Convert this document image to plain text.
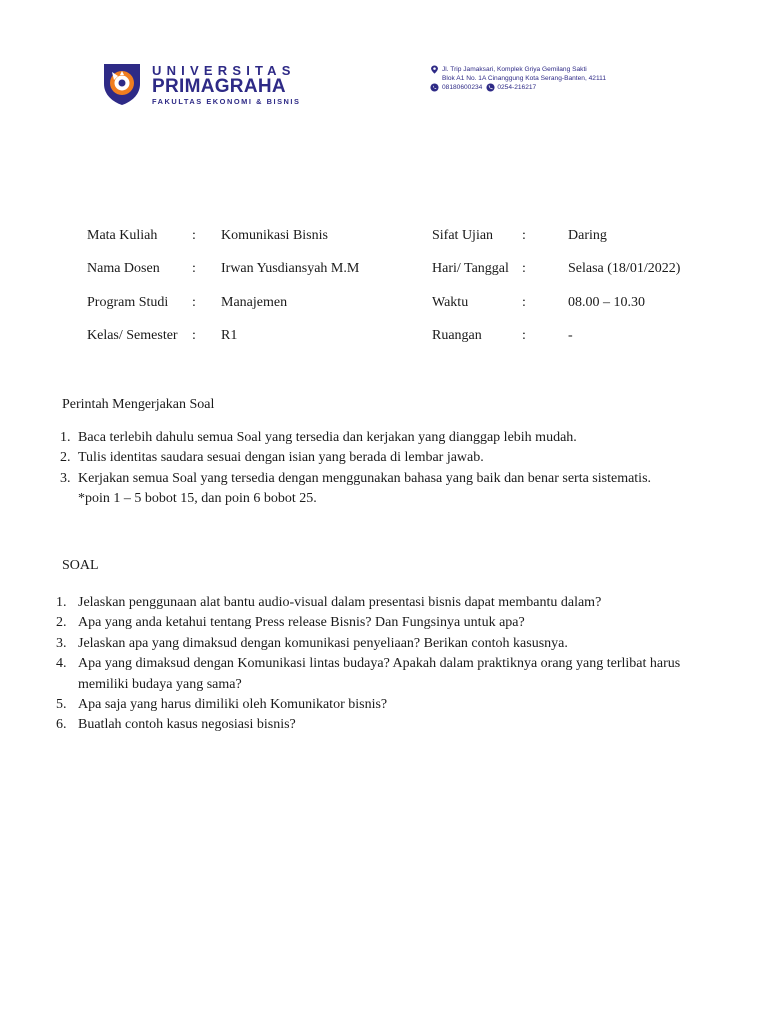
UNIVERSITAS
PRIMAGRAHA
FAKULTAS EKONOMI & BISNIS
Jl. Trip Jamaksari, Komplek Griya Gemilang Sakti
Blok A1 No. 1A Cinanggung Kota Serang-Banten, 42111
08180600234 0254-216217
Mata Kuliah : Komunikasi Bisnis	Sifat Ujian :	Daring
Nama Dosen : Irwan Yusdiansyah M.M	Hari/ Tanggal :	Selasa (18/01/2022)
Program Studi : Manajemen	Waktu	:	08.00 – 10.30
Kelas/ Semester : R1	Ruangan	:	-
Perintah Mengerjakan Soal
1. Baca terlebih dahulu semua Soal yang tersedia dan kerjakan yang dianggap lebih mudah.
2. Tulis identitas saudara sesuai dengan isian yang berada di lembar jawab.
3. Kerjakan semua Soal yang tersedia dengan menggunakan bahasa yang baik dan benar serta sistematis.
*poin 1 – 5 bobot 15, dan poin 6 bobot 25.
SOAL
1. Jelaskan penggunaan alat bantu audio-visual dalam presentasi bisnis dapat membantu dalam?
2. Apa yang anda ketahui tentang Press release Bisnis? Dan Fungsinya untuk apa?
3. Jelaskan apa yang dimaksud dengan komunikasi penyeliaan? Berikan contoh kasusnya.
4. Apa yang dimaksud dengan Komunikasi lintas budaya? Apakah dalam praktiknya orang yang terlibat harus
memiliki budaya yang sama?
5. Apa saja yang harus dimiliki oleh Komunikator bisnis?
6. Buatlah contoh kasus negosiasi bisnis?
